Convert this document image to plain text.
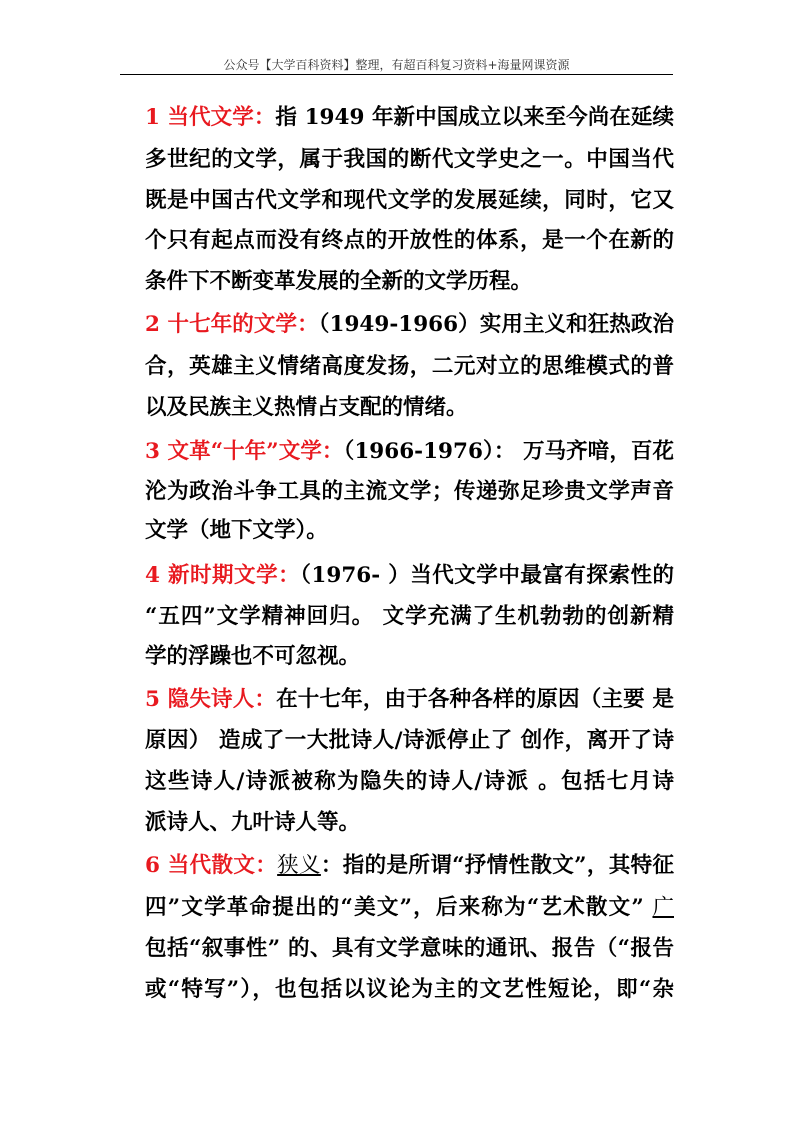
公众号【大学百科资料】整理，有超百科复习资料+海量网课资源
1 当代文学：指 1949 年新中国成立以来至今尚在延续
多世纪的文学，属于我国的断代文学史之一。中国当代
既是中国古代文学和现代文学的发展延续，同时，它又
个只有起点而没有终点的开放性的体系，是一个在新的
条件下不断变革发展的全新的文学历程。
2 十七年的文学：（1949-1966）实用主义和狂热政治
合，英雄主义情绪高度发扬，二元对立的思维模式的普
以及民族主义热情占支配的情绪。
3 文革“十年”文学：（1966-1976）： 万马齐喑，百花
沦为政治斗争工具的主流文学；传递弥足珍贵文学声音
文学（地下文学）。
4 新时期文学：（1976- ）当代文学中最富有探索性的
“五四”文学精神回归。 文学充满了生机勃勃的创新精
学的浮躁也不可忽视。
5 隐失诗人：在十七年，由于各种各样的原因（主要 是
原因） 造成了一大批诗人/诗派停止了 创作，离开了诗
这些诗人/诗派被称为隐失的诗人/诗派 。包括七月诗
派诗人、九叶诗人等。
6 当代散文：狭义：指的是所谓“抒情性散文”，其特征
四”文学革命提出的“美文”，后来称为“艺术散文” 广
包括“叙事性” 的、具有文学意味的通讯、报告（“报告
或“特写”），也包括以议论为主的文艺性短论，即“杂
